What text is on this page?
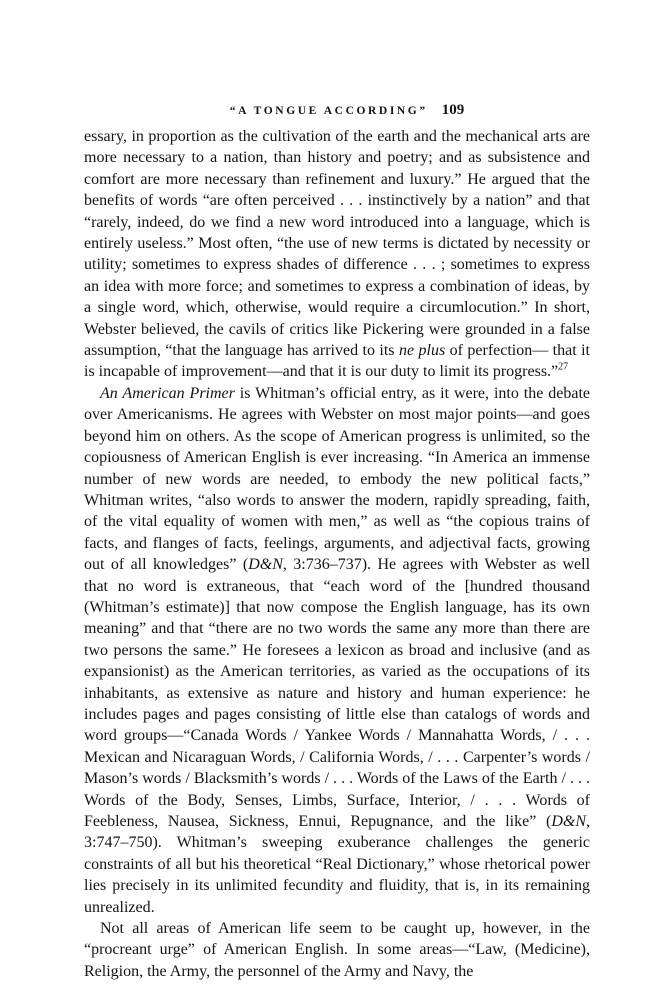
“A TONGUE ACCORDING” 109

essary, in proportion as the cultivation of the earth and the mechanical arts are more necessary to a nation, than history and poetry; and as subsistence and comfort are more necessary than refinement and luxury.” He argued that the benefits of words “are often perceived . . . instinctively by a nation” and that “rarely, indeed, do we find a new word introduced into a language, which is entirely useless.” Most often, “the use of new terms is dictated by necessity or utility; sometimes to express shades of difference . . . ; sometimes to express an idea with more force; and sometimes to express a combination of ideas, by a single word, which, otherwise, would require a circumlocution.” In short, Webster believed, the cavils of critics like Pickering were grounded in a false assumption, “that the language has arrived to its ne plus of perfection— that it is incapable of improvement—and that it is our duty to limit its progress.”$^{27}$

An American Primer is Whitman’s official entry, as it were, into the debate over Americanisms. He agrees with Webster on most major points—and goes beyond him on others. As the scope of American progress is unlimited, so the copiousness of American English is ever increasing. “In America an immense number of new words are needed, to embody the new political facts,” Whitman writes, “also words to answer the modern, rapidly spreading, faith, of the vital equality of women with men,” as well as “the copious trains of facts, and flanges of facts, feelings, arguments, and adjectival facts, growing out of all knowledges” (D&N, 3:736–737). He agrees with Webster as well that no word is extraneous, that “each word of the [hundred thousand (Whitman’s estimate)] that now compose the English language, has its own meaning” and that “there are no two words the same any more than there are two persons the same.” He foresees a lexicon as broad and inclusive (and as expansionist) as the American territories, as varied as the occupations of its inhabitants, as extensive as nature and history and human experience: he includes pages and pages consisting of little else than catalogs of words and word groups—“Canada Words / Yankee Words / Mannahatta Words, / . . . Mexican and Nicaraguan Words, / California Words, / . . . Carpenter’s words / Mason’s words / Blacksmith’s words / . . . Words of the Laws of the Earth / . . . Words of the Body, Senses, Limbs, Surface, Interior, / . . . Words of Feebleness, Nausea, Sickness, Ennui, Repugnance, and the like” (D&N, 3:747–750). Whitman’s sweeping exuberance challenges the generic constraints of all but his theoretical “Real Dictionary,” whose rhetorical power lies precisely in its unlimited fecundity and fluidity, that is, in its remaining unrealized.

Not all areas of American life seem to be caught up, however, in the “procreant urge” of American English. In some areas—“Law, (Medicine), Religion, the Army, the personnel of the Army and Navy, the
